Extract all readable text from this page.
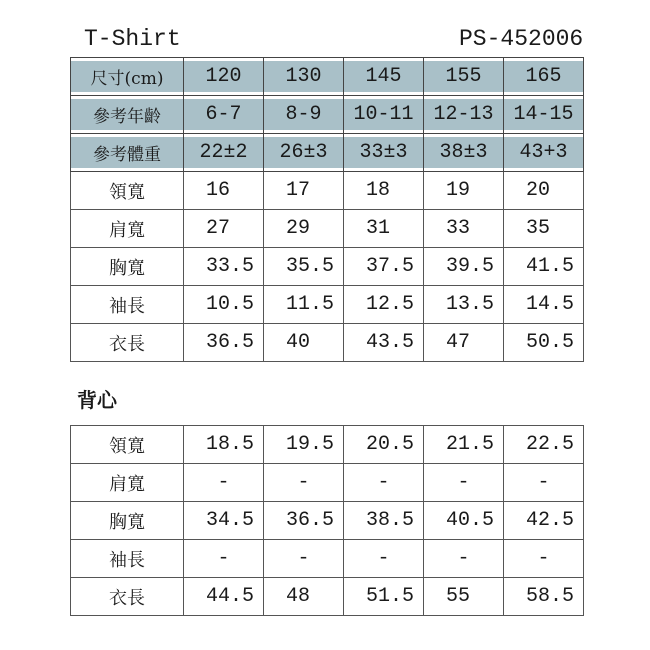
T-Shirt	PS-452006
尺寸(cm)	120	130	145	155	165
參考年齡	6-7	8-9	10-11	12-13	14-15
參考體重	22±2	26±3	33±3	38±3	43+3
領寬	16	17	18	19	20
肩寬	27	29	31	33	35
胸寬	33.5	35.5	37.5	39.5	41.5
袖長	10.5	11.5	12.5	13.5	14.5
衣長	36.5	40	43.5	47	50.5
背心
領寬	18.5	19.5	20.5	21.5	22.5
肩寬	-	-	-	-	-
胸寬	34.5	36.5	38.5	40.5	42.5
袖長	-	-	-	-	-
衣長	44.5	48	51.5	55	58.5
